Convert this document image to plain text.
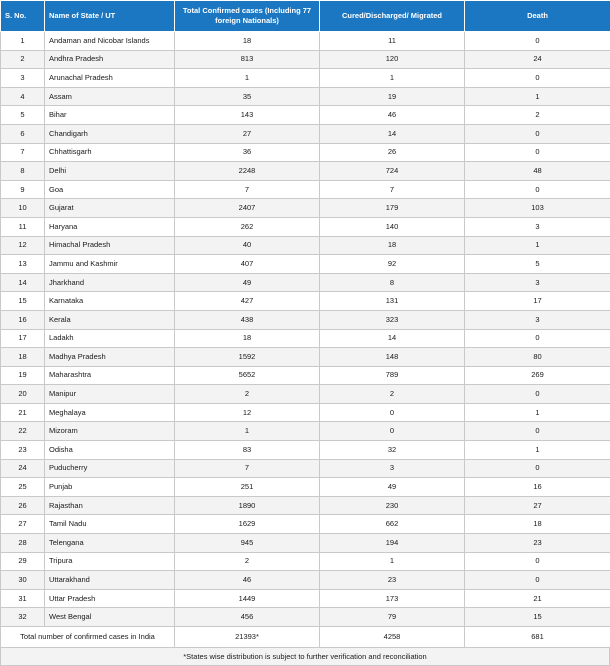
S. No.	Name of State / UT	Total Confirmed cases (Including 77 foreign Nationals)	Cured/Discharged/ Migrated	Death
1	Andaman and Nicobar Islands	18	11	0
2	Andhra Pradesh	813	120	24
3	Arunachal Pradesh	1	1	0
4	Assam	35	19	1
5	Bihar	143	46	2
6	Chandigarh	27	14	0
7	Chhattisgarh	36	26	0
8	Delhi	2248	724	48
9	Goa	7	7	0
10	Gujarat	2407	179	103
11	Haryana	262	140	3
12	Himachal Pradesh	40	18	1
13	Jammu and Kashmir	407	92	5
14	Jharkhand	49	8	3
15	Karnataka	427	131	17
16	Kerala	438	323	3
17	Ladakh	18	14	0
18	Madhya Pradesh	1592	148	80
19	Maharashtra	5652	789	269
20	Manipur	2	2	0
21	Meghalaya	12	0	1
22	Mizoram	1	0	0
23	Odisha	83	32	1
24	Puducherry	7	3	0
25	Punjab	251	49	16
26	Rajasthan	1890	230	27
27	Tamil Nadu	1629	662	18
28	Telengana	945	194	23
29	Tripura	2	1	0
30	Uttarakhand	46	23	0
31	Uttar Pradesh	1449	173	21
32	West Bengal	456	79	15
Total number of confirmed cases in India		21393*	4258	681
*States wise distribution is subject to further verification and reconciliation
